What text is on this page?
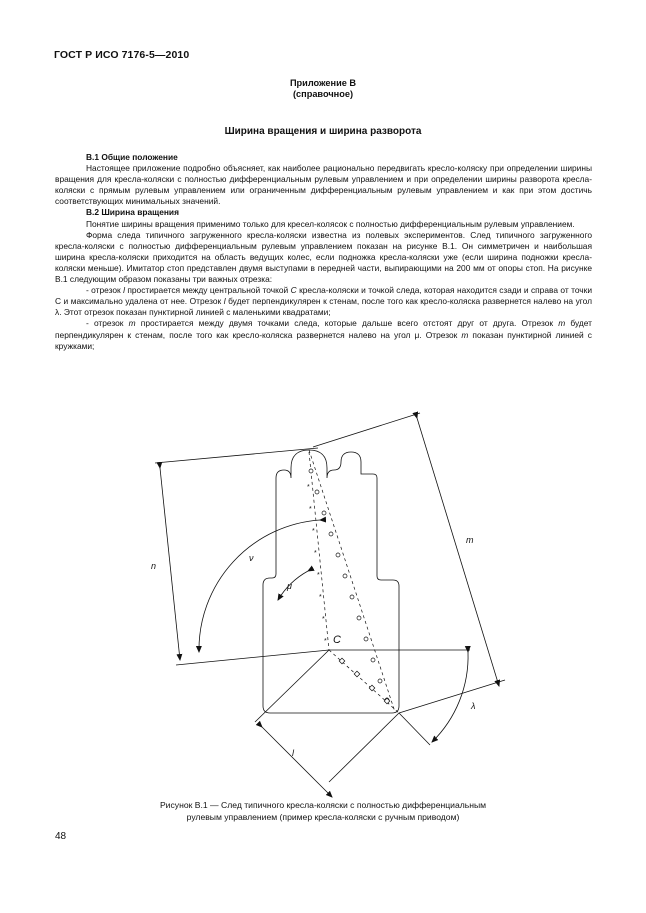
ГОСТ Р ИСО 7176-5—2010
Приложение В
(справочное)
Ширина вращения и ширина разворота

В.1 Общие положение

Настоящее приложение подробно объясняет, как наиболее рационально передвигать кресло-коляску при определении ширины вращения для кресла-коляски с полностью дифференциальным рулевым управлением и при определении ширины разворота кресла-коляски с прямым рулевым управлением или ограниченным дифференциальным рулевым управлением и как при этом достичь соответствующих минимальных значений.

В.2 Ширина вращения

Понятие ширины вращения применимо только для кресел-колясок с полностью дифференциальным рулевым управлением.

Форма следа типичного загруженного кресла-коляски известна из полевых экспериментов. След типичного загруженного кресла-коляски с полностью дифференциальным рулевым управлением показан на рисунке В.1. Он симметричен и наибольшая ширина кресла-коляски приходится на область ведущих колес, если подножка кресла-коляски уже (если ширина подножки кресла-коляски меньше). Имитатор стоп представлен двумя выступами в передней части, выпирающими на 200 мм от опоры стоп. На рисунке В.1 следующим образом показаны три важных отрезка:

- отрезок l простирается между центральной точкой C кресла-коляски и точкой следа, которая находится сзади и справа от точки С и максимально удалена от нее. Отрезок l будет перпендикулярен к стенам, после того как кресло-коляска развернется налево на угол λ. Этот отрезок показан пунктирной линией с маленькими квадратами;

- отрезок m простирается между двумя точками следа, которые дальше всего отстоят друг от друга. Отрезок m будет перпендикулярен к стенам, после того как кресло-коляска развернется налево на угол μ. Отрезок m показан пунктирной линией с кружками;

*
*
*
*
*
*
*
*
n
m
l
C
ν
μ
λ
Рисунок В.1 — След типичного кресла-коляски с полностью дифференциальным
рулевым управлением (пример кресла-коляски с ручным приводом)
48
